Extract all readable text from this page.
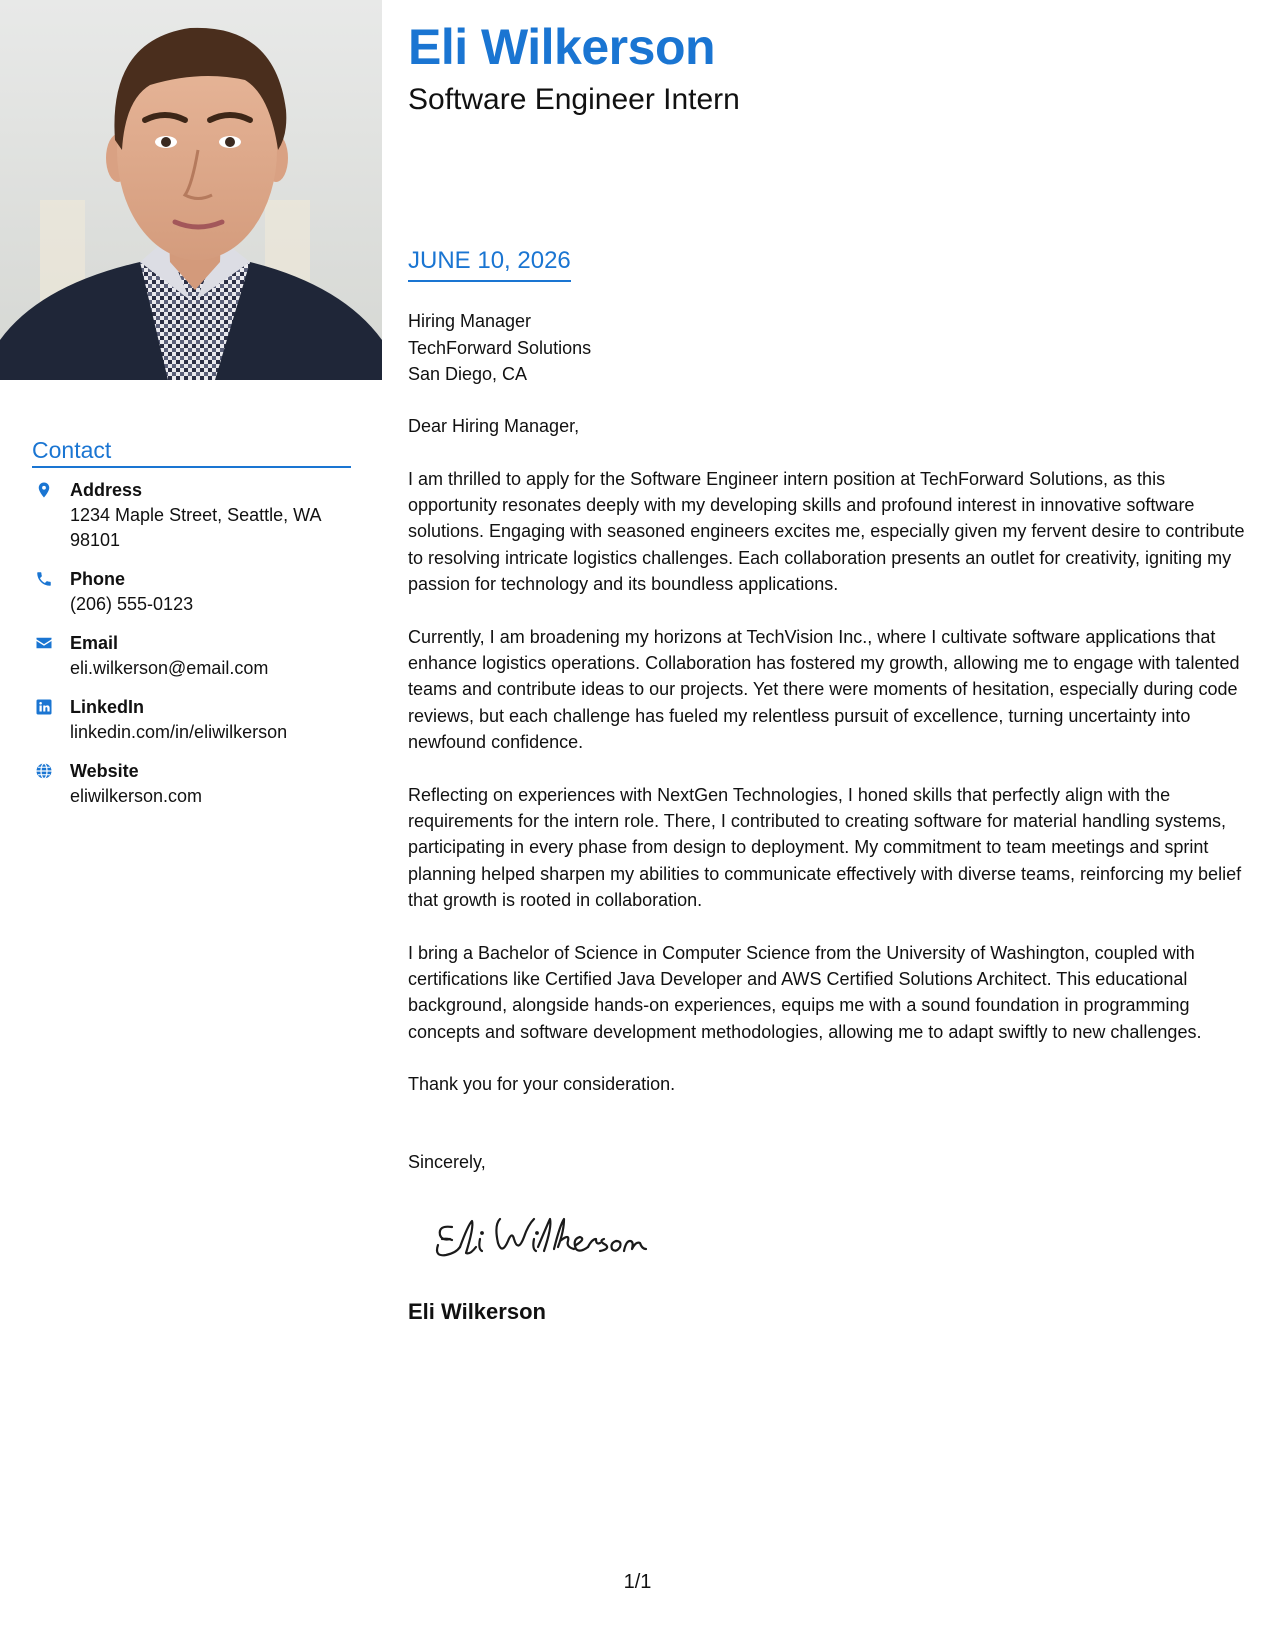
Contact
Address
1234 Maple Street, Seattle, WA 98101
Phone
(206) 555-0123
Email
eli.wilkerson@email.com
LinkedIn
linkedin.com/in/eliwilkerson
Website
eliwilkerson.com
Eli Wilkerson
Software Engineer Intern
JUNE 10, 2026
Hiring Manager
TechForward Solutions
San Diego, CA

Dear Hiring Manager,

I am thrilled to apply for the Software Engineer intern position at TechForward Solutions, as this opportunity resonates deeply with my developing skills and profound interest in innovative software solutions. Engaging with seasoned engineers excites me, especially given my fervent desire to contribute to resolving intricate logistics challenges. Each collaboration presents an outlet for creativity, igniting my passion for technology and its boundless applications.

Currently, I am broadening my horizons at TechVision Inc., where I cultivate software applications that enhance logistics operations. Collaboration has fostered my growth, allowing me to engage with talented teams and contribute ideas to our projects. Yet there were moments of hesitation, especially during code reviews, but each challenge has fueled my relentless pursuit of excellence, turning uncertainty into newfound confidence.

Reflecting on experiences with NextGen Technologies, I honed skills that perfectly align with the requirements for the intern role. There, I contributed to creating software for material handling systems, participating in every phase from design to deployment. My commitment to team meetings and sprint planning helped sharpen my abilities to communicate effectively with diverse teams, reinforcing my belief that growth is rooted in collaboration.

I bring a Bachelor of Science in Computer Science from the University of Washington, coupled with certifications like Certified Java Developer and AWS Certified Solutions Architect. This educational background, alongside hands-on experiences, equips me with a sound foundation in programming concepts and software development methodologies, allowing me to adapt swiftly to new challenges.

Thank you for your consideration.

Sincerely,
Eli Wilkerson
1/1
